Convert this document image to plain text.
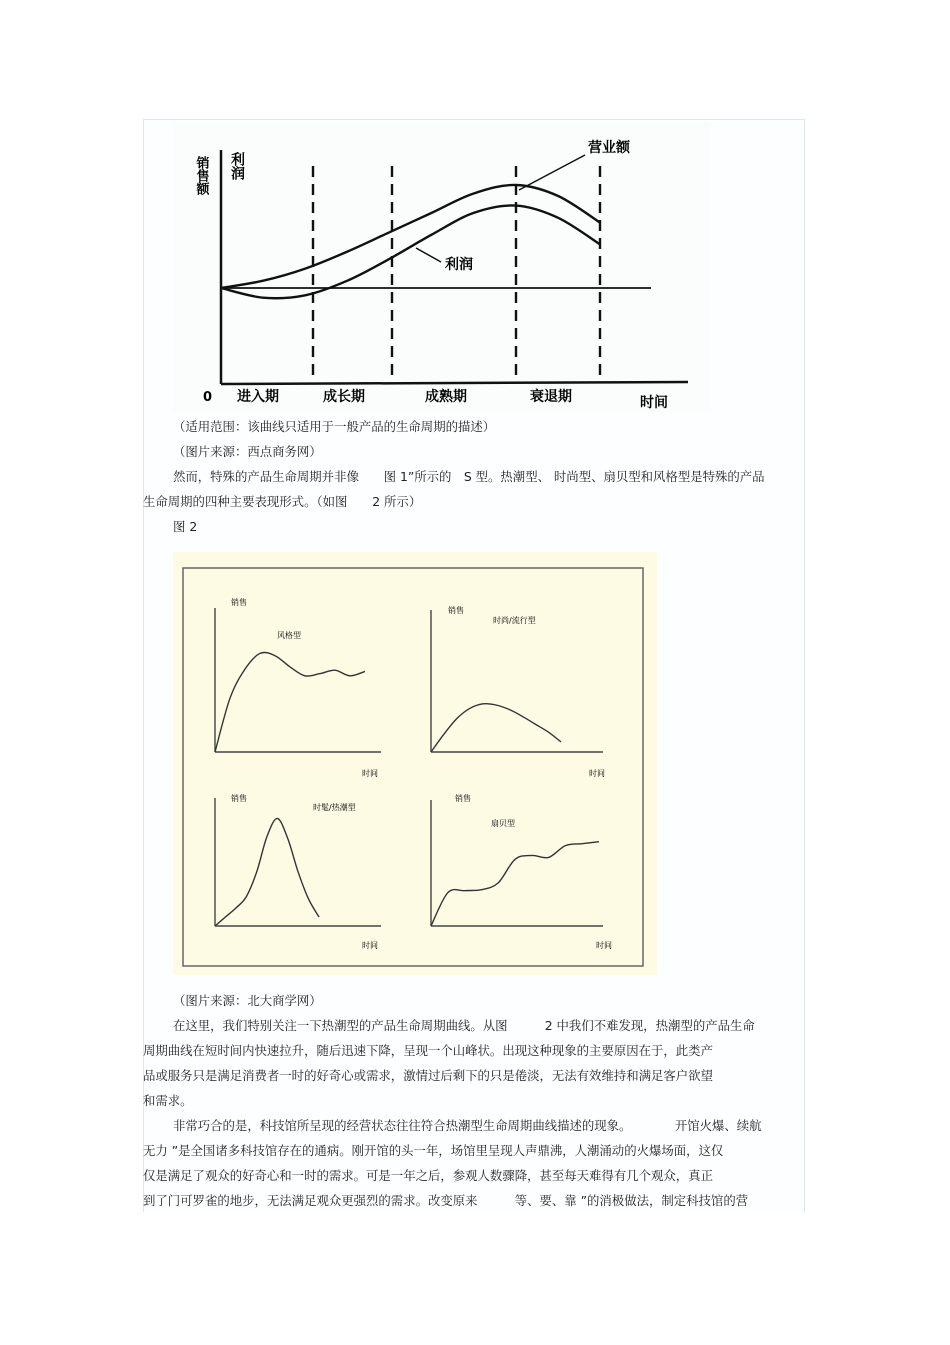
销售额 利润
0	时间
营业额
利润
进入期	成长期	成熟期	衰退期
（适用范围：该曲线只适用于一般产品的生命周期的描述）
（图片来源：西点商务网）
然而，特殊的产品生命周期并非像　　图 1”所示的　S 型。热潮型、 时尚型、扇贝型和风格型是特殊的产品
生命周期的四种主要表现形式。（如图　　2 所示）
图 2
销售
风格型
时间
销售
时尚/流行型
时间
销售
时髦/热潮型
时间
销售
扇贝型
时间
（图片来源：北大商学网）
在这里，我们特别关注一下热潮型的产品生命周期曲线。从图　　　2 中我们不难发现，热潮型的产品生命
周期曲线在短时间内快速拉升，随后迅速下降，呈现一个山峰状。出现这种现象的主要原因在于，此类产
品或服务只是满足消费者一时的好奇心或需求，激情过后剩下的只是倦淡，无法有效维持和满足客户欲望
和需求。
非常巧合的是，科技馆所呈现的经营状态往往符合热潮型生命周期曲线描述的现象。　　　　开馆火爆、续航
无力 ”是全国诸多科技馆存在的通病。刚开馆的头一年，场馆里呈现人声鼎沸，人潮涌动的火爆场面，这仅
仅是满足了观众的好奇心和一时的需求。可是一年之后，参观人数骤降，甚至每天难得有几个观众，真正
到了门可罗雀的地步，无法满足观众更强烈的需求。改变原来　　　等、要、靠 ”的消极做法，制定科技馆的营
